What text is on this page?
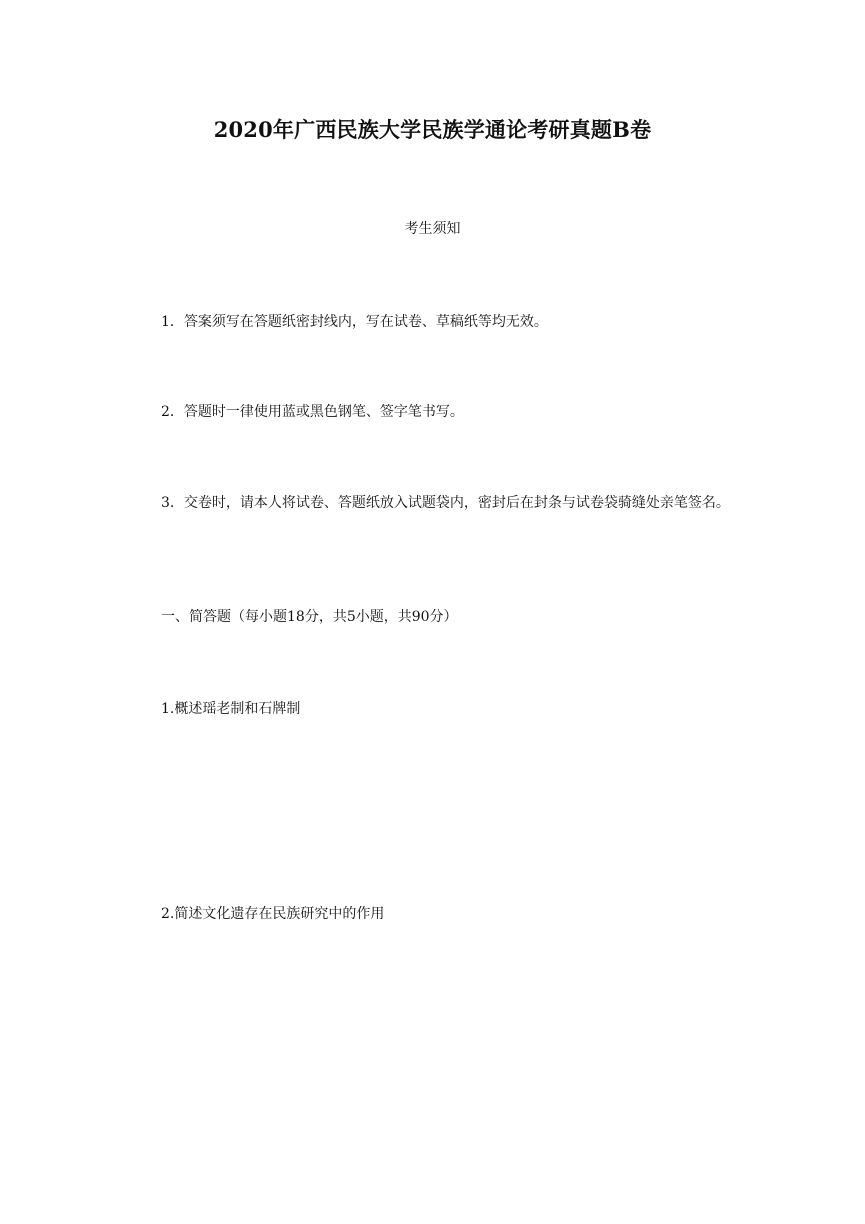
2020年广西民族大学民族学通论考研真题B卷
考生须知
1．答案须写在答题纸密封线内，写在试卷、草稿纸等均无效。
2．答题时一律使用蓝或黑色钢笔、签字笔书写。
3．交卷时，请本人将试卷、答题纸放入试题袋内，密封后在封条与试卷袋骑缝处亲笔签名。
一、简答题（每小题18分，共5小题，共90分）
1.概述瑶老制和石牌制
2.简述文化遗存在民族研究中的作用
